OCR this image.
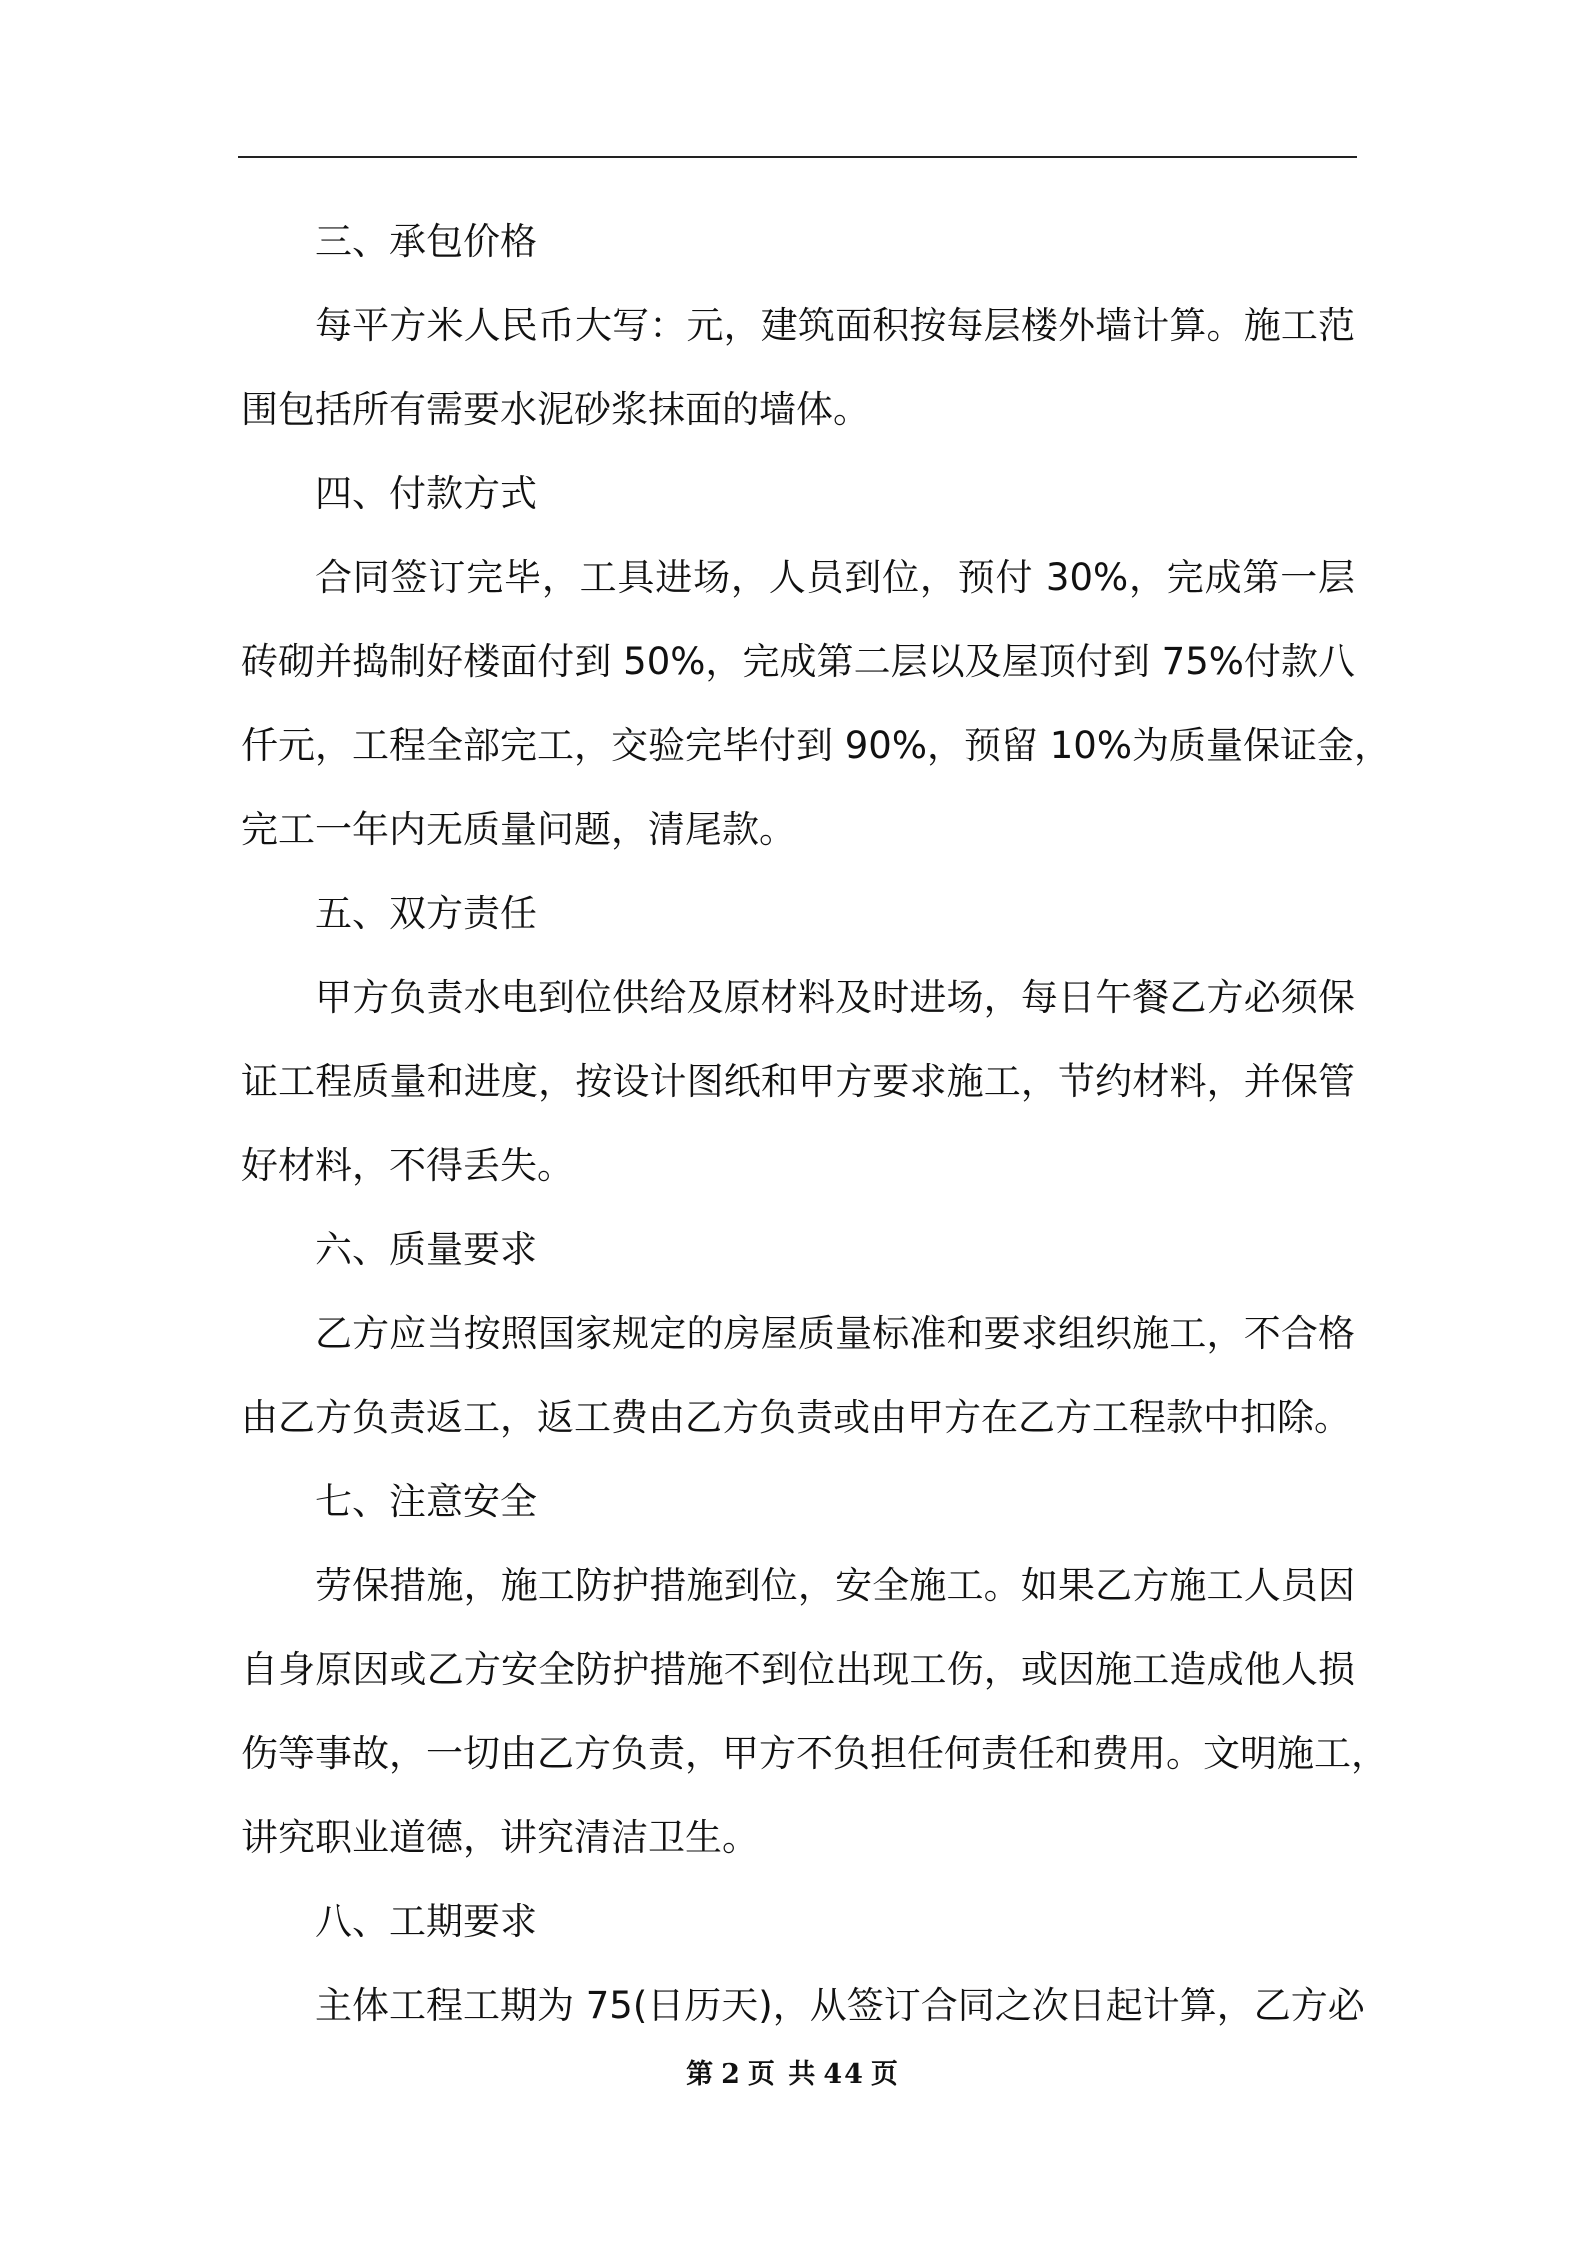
三、承包价格

每平方米人民币大写：元，建筑面积按每层楼外墙计算。施工范
围包括所有需要水泥砂浆抹面的墙体。

四、付款方式

合同签订完毕，工具进场，人员到位，预付 30%，完成第一层
砖砌并捣制好楼面付到 50%，完成第二层以及屋顶付到 75%付款八
仟元，工程全部完工，交验完毕付到 90%，预留 10%为质量保证金，
完工一年内无质量问题，清尾款。

五、双方责任

甲方负责水电到位供给及原材料及时进场，每日午餐乙方必须保
证工程质量和进度，按设计图纸和甲方要求施工，节约材料，并保管
好材料，不得丢失。

六、质量要求

乙方应当按照国家规定的房屋质量标准和要求组织施工，不合格
由乙方负责返工，返工费由乙方负责或由甲方在乙方工程款中扣除。

七、注意安全

劳保措施，施工防护措施到位，安全施工。如果乙方施工人员因
自身原因或乙方安全防护措施不到位出现工伤，或因施工造成他人损
伤等事故，一切由乙方负责，甲方不负担任何责任和费用。文明施工，
讲究职业道德，讲究清洁卫生。

八、工期要求

主体工程工期为 75(日历天)，从签订合同之次日起计算，乙方必
第 2 页 共 44 页
